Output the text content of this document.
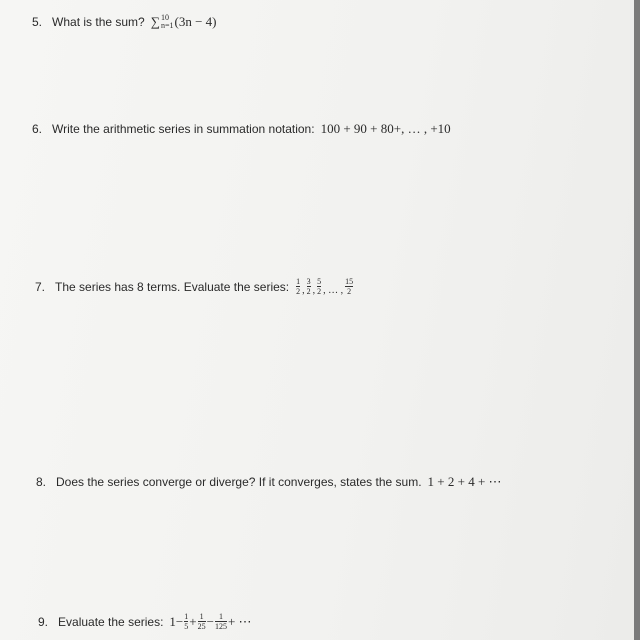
5. What is the sum? ∑ 10
n=1 (3n − 4)
6. Write the arithmetic series in summation notation: 100 + 90 + 80+, … , +10
7. The series has 8 terms. Evaluate the series: $\frac{1}{2}$ , $\frac{3}{2}$ , $\frac{5}{2}$ , … , $\frac{15}{2}$
8. Does the series converge or diverge? If it converges, states the sum. 1 + 2 + 4 + ⋯
9. Evaluate the series: $1 - \frac{1}{5} + \frac{1}{25} - \frac{1}{125}$ + ⋯
